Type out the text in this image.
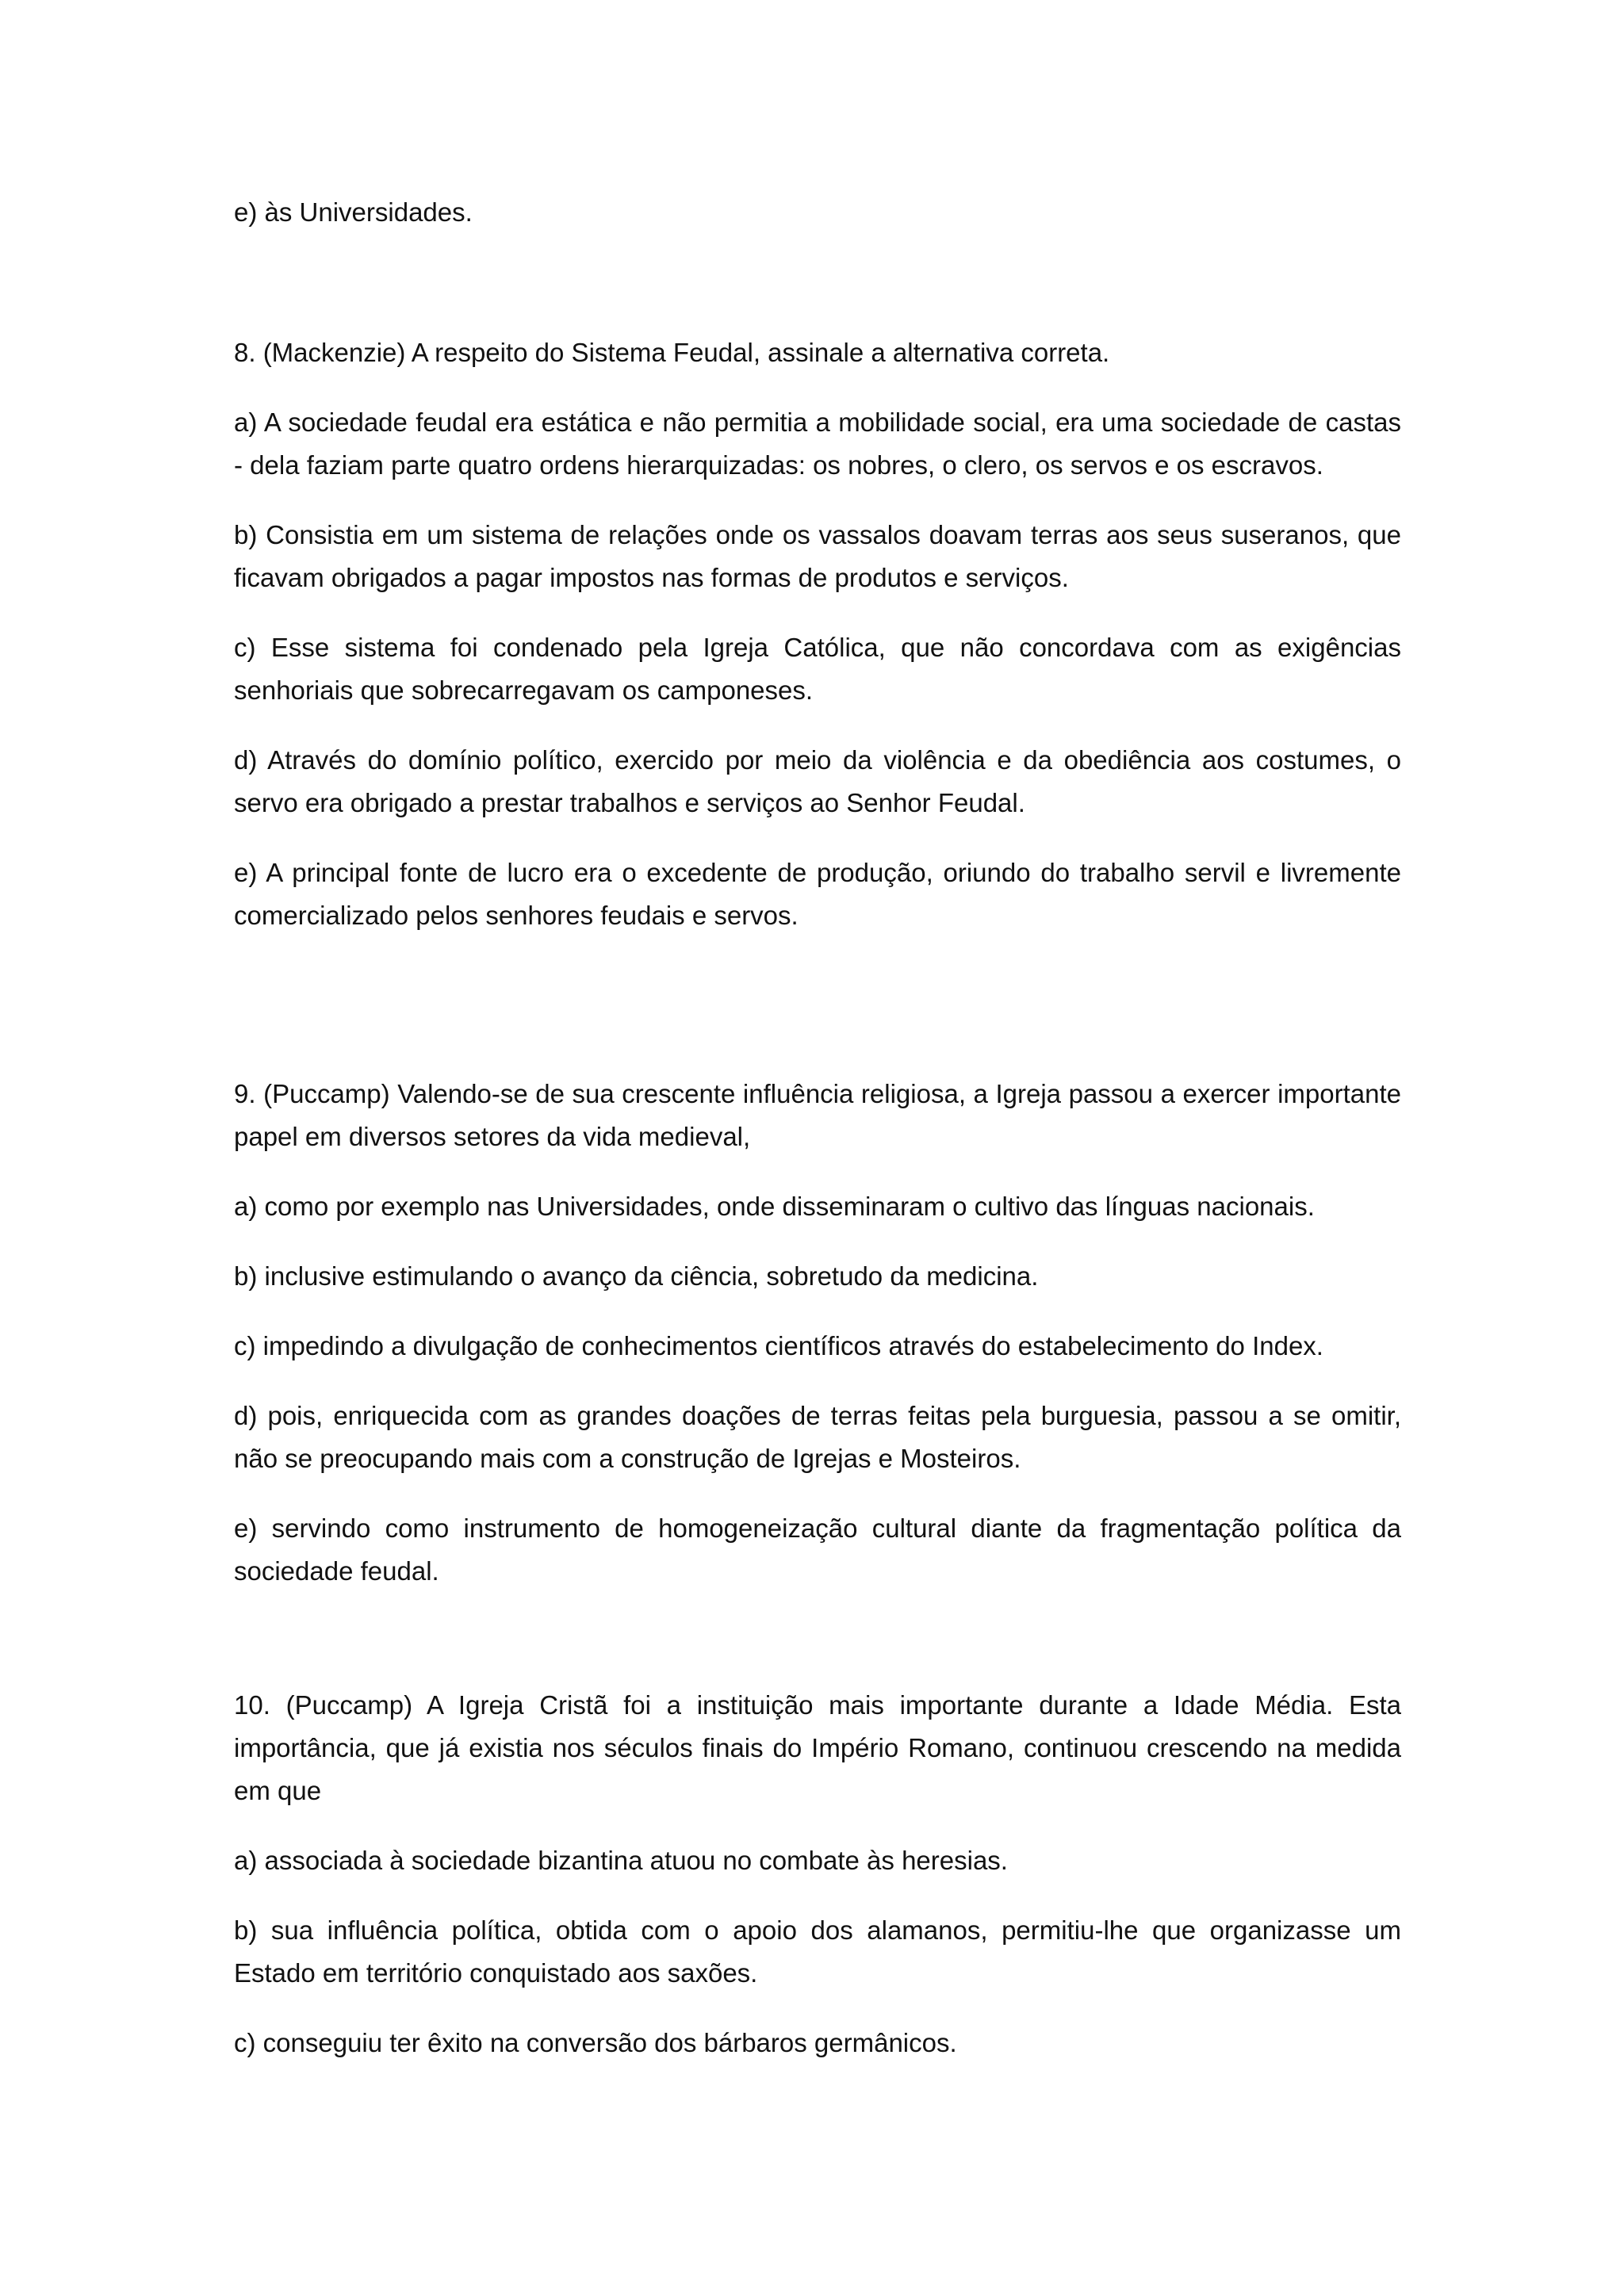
e) às Universidades.

8. (Mackenzie) A respeito do Sistema Feudal, assinale a alternativa correta.

a) A sociedade feudal era estática e não permitia a mobilidade social, era uma sociedade de castas - dela faziam parte quatro ordens hierarquizadas: os nobres, o clero, os servos e os escravos.

b) Consistia em um sistema de relações onde os vassalos doavam terras aos seus suseranos, que ficavam obrigados a pagar impostos nas formas de produtos e serviços.

c) Esse sistema foi condenado pela Igreja Católica, que não concordava com as exigências senhoriais que sobrecarregavam os camponeses.

d) Através do domínio político, exercido por meio da violência e da obediência aos costumes, o servo era obrigado a prestar trabalhos e serviços ao Senhor Feudal.

e) A principal fonte de lucro era o excedente de produção, oriundo do trabalho servil e livremente comercializado pelos senhores feudais e servos.

9. (Puccamp) Valendo-se de sua crescente influência religiosa, a Igreja passou a exercer importante papel em diversos setores da vida medieval,

a) como por exemplo nas Universidades, onde disseminaram o cultivo das línguas nacionais.

b) inclusive estimulando o avanço da ciência, sobretudo da medicina.

c) impedindo a divulgação de conhecimentos científicos através do estabelecimento do Index.

d) pois, enriquecida com as grandes doações de terras feitas pela burguesia, passou a se omitir, não se preocupando mais com a construção de Igrejas e Mosteiros.

e) servindo como instrumento de homogeneização cultural diante da fragmentação política da sociedade feudal.

10. (Puccamp) A Igreja Cristã foi a instituição mais importante durante a Idade Média. Esta importância, que já existia nos séculos finais do Império Romano, continuou crescendo na medida em que

a) associada à sociedade bizantina atuou no combate às heresias.

b) sua influência política, obtida com o apoio dos alamanos, permitiu-lhe que organizasse um Estado em território conquistado aos saxões.

c) conseguiu ter êxito na conversão dos bárbaros germânicos.
